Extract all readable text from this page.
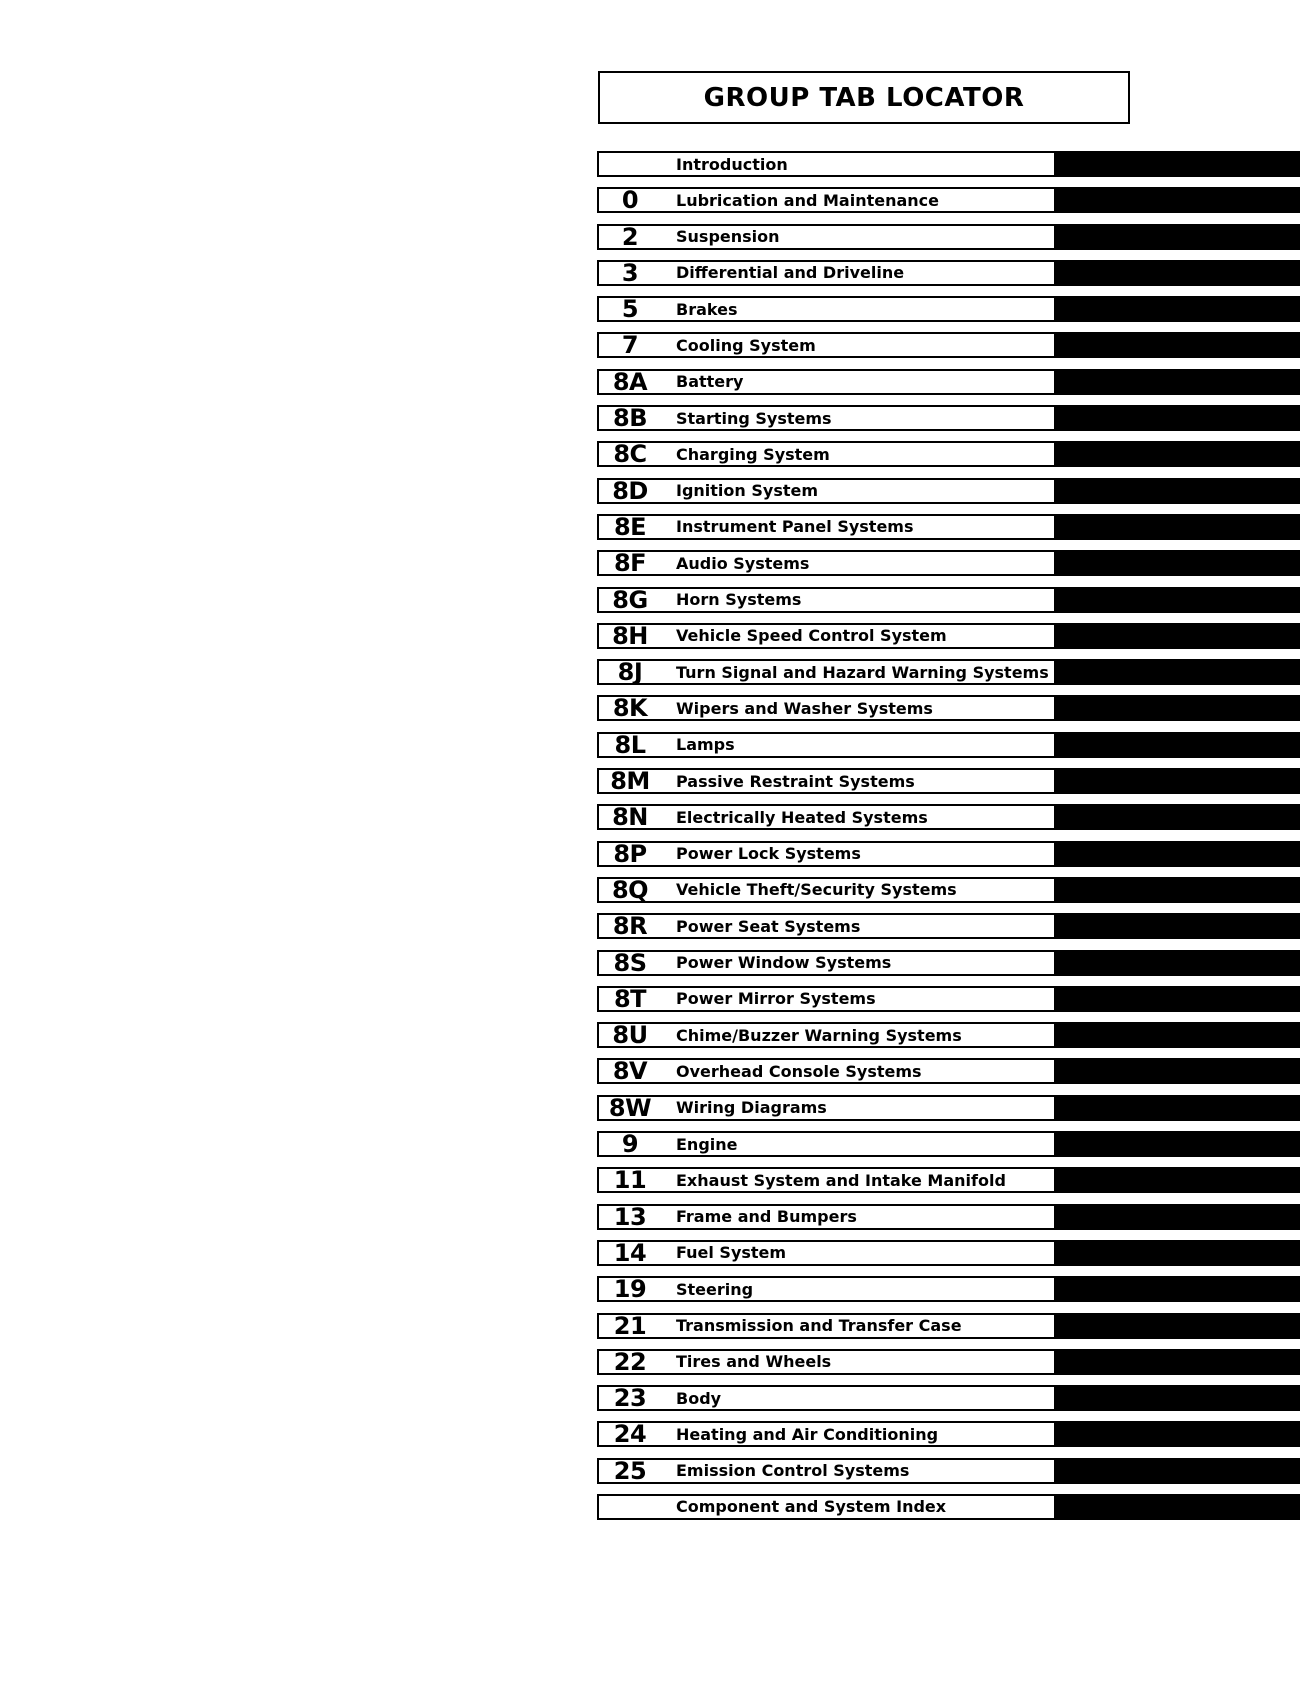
GROUP TAB LOCATOR
Introduction
0	Lubrication and Maintenance
2	Suspension
3	Differential and Driveline
5	Brakes
7	Cooling System
8A	Battery
8B	Starting Systems
8C	Charging System
8D	Ignition System
8E	Instrument Panel Systems
8F	Audio Systems
8G	Horn Systems
8H	Vehicle Speed Control System
8J	Turn Signal and Hazard Warning Systems
8K	Wipers and Washer Systems
8L	Lamps
8M	Passive Restraint Systems
8N	Electrically Heated Systems
8P	Power Lock Systems
8Q	Vehicle Theft/Security Systems
8R	Power Seat Systems
8S	Power Window Systems
8T	Power Mirror Systems
8U	Chime/Buzzer Warning Systems
8V	Overhead Console Systems
8W	Wiring Diagrams
9	Engine
11	Exhaust System and Intake Manifold
13	Frame and Bumpers
14	Fuel System
19	Steering
21	Transmission and Transfer Case
22	Tires and Wheels
23	Body
24	Heating and Air Conditioning
25	Emission Control Systems
Component and System Index
